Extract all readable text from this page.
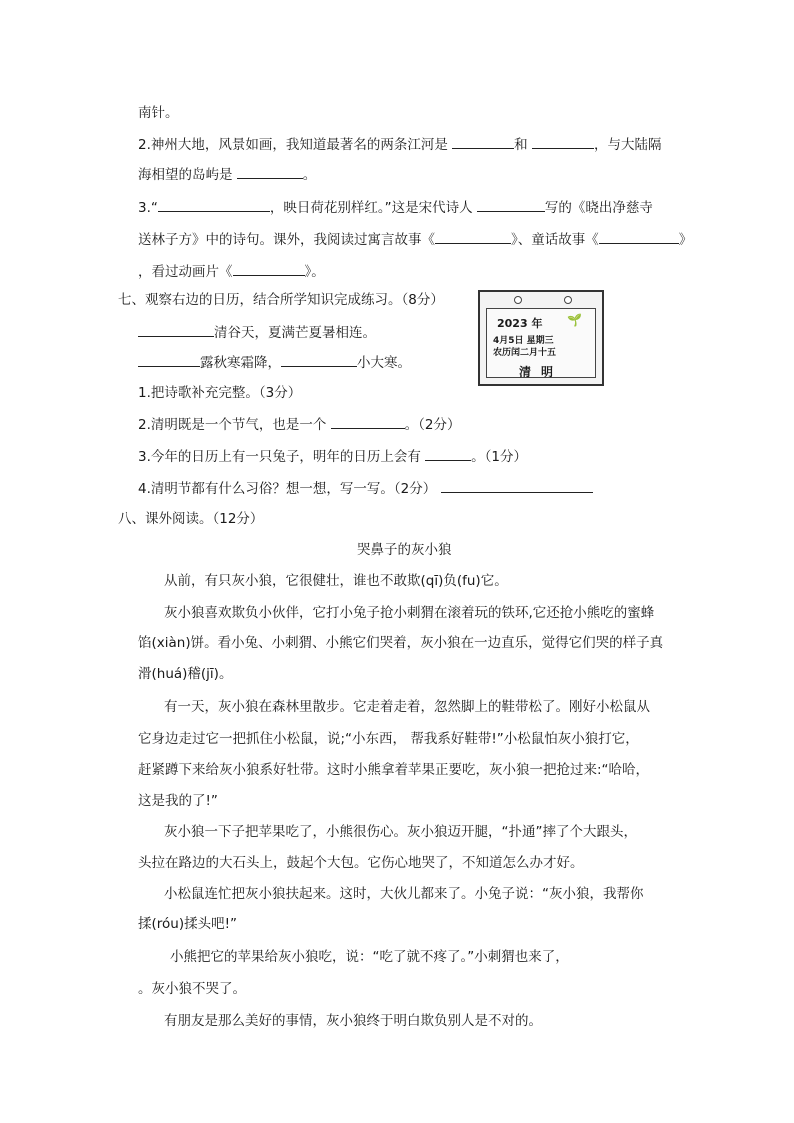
2023 年 🌱
4月5日 星期三
农历闰二月十五
清明
南针。
2.神州大地，风景如画，我知道最著名的两条江河是	和	，与大陆隔
海相望的岛屿是	。
3.“	，映日荷花别样红。”这是宋代诗人	写的《晓出净慈寺
送林子方》中的诗句。课外，我阅读过寓言故事《	》、童话故事《	》
，看过动画片《	》。
七、观察右边的日历，结合所学知识完成练习。（8分）
清谷天，夏满芒夏暑相连。
露秋寒霜降，	小大寒。
1.把诗歌补充完整。（3分）
2.清明既是一个节气，也是一个	。（2分）
3.今年的日历上有一只兔子，明年的日历上会有	。（1分）
4.清明节都有什么习俗？想一想，写一写。（2分）
八、课外阅读。（12分）
哭鼻子的灰小狼
从前，有只灰小狼，它很健壮，谁也不敢欺(qī)负(fu)它。
灰小狼喜欢欺负小伙伴，它打小兔子抢小刺猬在滚着玩的铁环,它还抢小熊吃的蜜蜂
馅(xiàn)饼。看小兔、小刺猬、小熊它们哭着，灰小狼在一边直乐，觉得它们哭的样子真
滑(huá)稽(jī)。
有一天，灰小狼在森林里散步。它走着走着，忽然脚上的鞋带松了。刚好小松鼠从
它身边走过它一把抓住小松鼠，说;“小东西， 帮我系好鞋带!”小松鼠怕灰小狼打它，
赶紧蹲下来给灰小狼系好牡带。这时小熊拿着苹果正要吃，灰小狼一把抢过来:“哈哈，
这是我的了!”
灰小狼一下子把苹果吃了，小熊很伤心。灰小狼迈开腿，“扑通”摔了个大跟头，
头拉在路边的大石头上，鼓起个大包。它伤心地哭了，不知道怎么办才好。
小松鼠连忙把灰小狼扶起来。这时，大伙儿都来了。小兔子说：“灰小狼，我帮你
揉(róu)揉头吧!”
小熊把它的苹果给灰小狼吃，说：“吃了就不疼了。”小刺猬也来了，
。灰小狼不哭了。
有朋友是那么美好的事情，灰小狼终于明白欺负别人是不对的。
